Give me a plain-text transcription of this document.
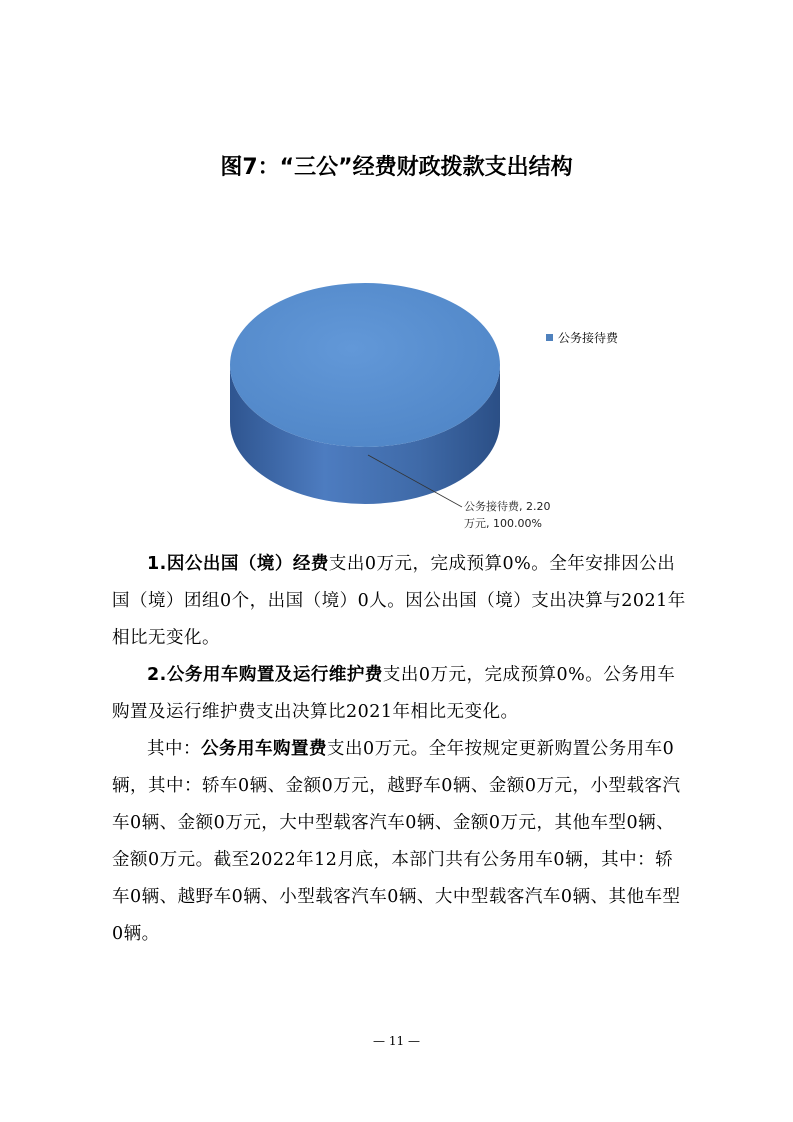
图7：“三公”经费财政拨款支出结构
公务接待费
公务接待费, 2.20
万元, 100.00%

1.因公出国（境）经费支出0万元，完成预算0%。全年安排因公出国（境）团组0个，出国（境）0人。因公出国（境）支出决算与2021年相比无变化。

2.公务用车购置及运行维护费支出0万元，完成预算0%。公务用车购置及运行维护费支出决算比2021年相比无变化。

其中：公务用车购置费支出0万元。全年按规定更新购置公务用车0辆，其中：轿车0辆、金额0万元，越野车0辆、金额0万元，小型载客汽车0辆、金额0万元，大中型载客汽车0辆、金额0万元，其他车型0辆、金额0万元。截至2022年12月底，本部门共有公务用车0辆，其中：轿车0辆、越野车0辆、小型载客汽车0辆、大中型载客汽车0辆、其他车型0辆。

— 11 —
